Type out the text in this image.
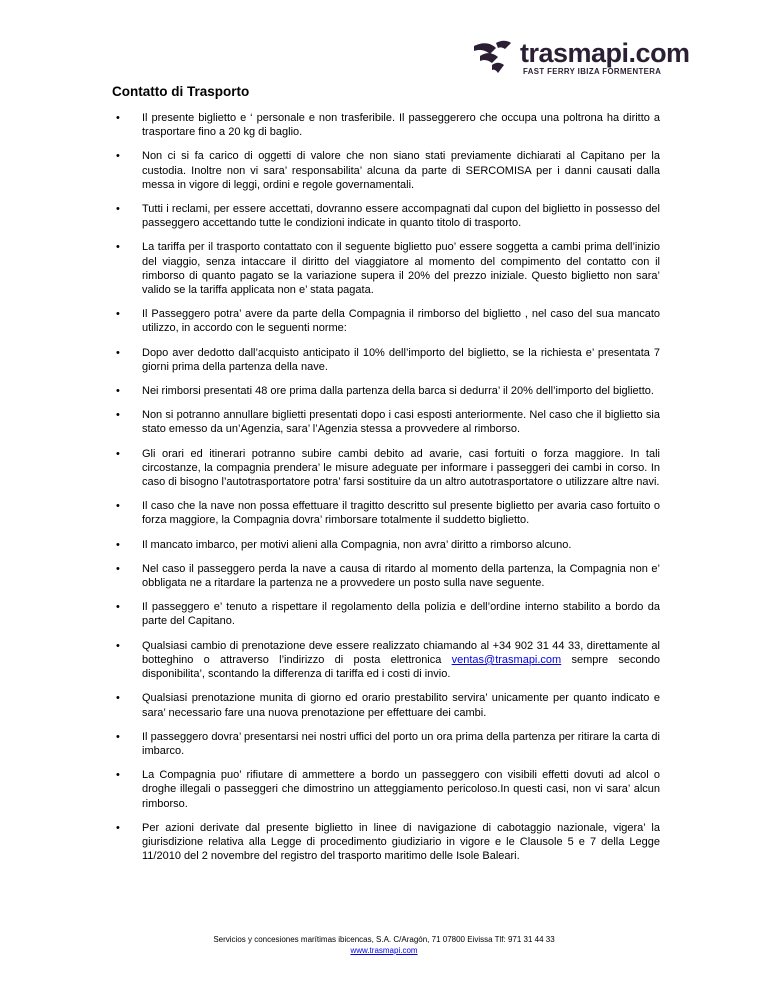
trasmapi.com
FAST FERRY IBIZA FORMENTERA
Contatto di Trasporto
• Il presente biglietto e ‘ personale e non trasferibile. Il passeggerero che occupa una poltrona ha diritto a trasportare fino a 20 kg di baglio.
• Non ci si fa carico di oggetti di valore che non siano stati previamente dichiarati al Capitano per la custodia. Inoltre non vi sara’ responsabilita’ alcuna da parte di SERCOMISA per i danni causati dalla messa in vigore di leggi, ordini e regole governamentali.
• Tutti i reclami, per essere accettati, dovranno essere accompagnati dal cupon del biglietto in possesso del passeggero accettando tutte le condizioni indicate in quanto titolo di trasporto.
• La tariffa per il trasporto contattato con il seguente biglietto puo’ essere soggetta a cambi prima dell’inizio del viaggio, senza intaccare il diritto del viaggiatore al momento del compimento del contatto con il rimborso di quanto pagato se la variazione supera il 20% del prezzo iniziale. Questo biglietto non sara’ valido se la tariffa applicata non e’ stata pagata.
• Il Passeggero potra’ avere da parte della Compagnia il rimborso del biglietto , nel caso del sua mancato utilizzo, in accordo con le seguenti norme:
• Dopo aver dedotto dall’acquisto anticipato il 10% dell’importo del biglietto, se la richiesta e’ presentata 7 giorni prima della partenza della nave.
• Nei rimborsi presentati 48 ore prima dalla partenza della barca si dedurra’ il 20% dell’importo del biglietto.
• Non si potranno annullare biglietti presentati dopo i casi esposti anteriormente. Nel caso che il biglietto sia stato emesso da un’Agenzia, sara’ l’Agenzia stessa a provvedere al rimborso.
• Gli orari ed itinerari potranno subire cambi debito ad avarie, casi fortuiti o forza maggiore. In tali circostanze, la compagnia prendera’ le misure adeguate per informare i passeggeri dei cambi in corso. In caso di bisogno l’autotrasportatore potra’ farsi sostituire da un altro autotrasportatore o utilizzare altre navi.
• Il caso che la nave non possa effettuare il tragitto descritto sul presente biglietto per avaria caso fortuito o forza maggiore, la Compagnia dovra’ rimborsare totalmente il suddetto biglietto.
• Il mancato imbarco, per motivi alieni alla Compagnia, non avra’ diritto a rimborso alcuno.
• Nel caso il passeggero perda la nave a causa di ritardo al momento della partenza, la Compagnia non e’ obbligata ne a ritardare la partenza ne a provvedere un posto sulla nave seguente.
• Il passeggero e’ tenuto a rispettare il regolamento della polizia e dell’ordine interno stabilito a bordo da parte del Capitano.
• Qualsiasi cambio di prenotazione deve essere realizzato chiamando al +34 902 31 44 33, direttamente al botteghino o attraverso l’indirizzo di posta elettronica ventas@trasmapi.com sempre secondo disponibilita’, scontando la differenza di tariffa ed i costi di invio.
• Qualsiasi prenotazione munita di giorno ed orario prestabilito servira’ unicamente per quanto indicato e sara’ necessario fare una nuova prenotazione per effettuare dei cambi.
• Il passeggero dovra’ presentarsi nei nostri uffici del porto un ora prima della partenza per ritirare la carta di imbarco.
• La Compagnia puo’ rifiutare di ammettere a bordo un passeggero con visibili effetti dovuti ad alcol o droghe illegali o passeggeri che dimostrino un atteggiamento pericoloso.In questi casi, non vi sara’ alcun rimborso.
• Per azioni derivate dal presente biglietto in linee di navigazione di cabotaggio nazionale, vigera’ la giurisdizione relativa alla Legge di procedimento giudiziario in vigore e le Clausole 5 e 7 della Legge 11/2010 del 2 novembre del registro del trasporto maritimo delle Isole Baleari.
Servicios y concesiones marítimas ibicencas, S.A. C/Aragón, 71 07800 Eivissa Tlf: 971 31 44 33
www.trasmapi.com
